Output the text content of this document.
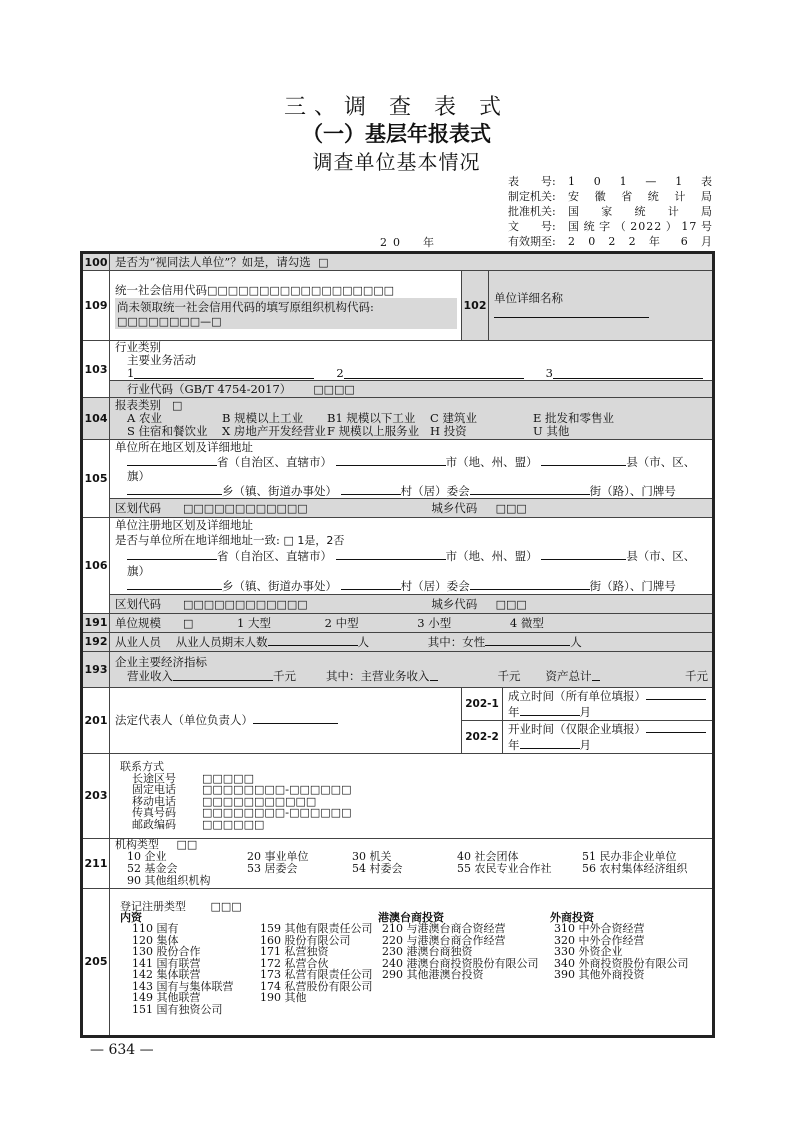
三、调 查 表 式
（一）基层年报表式
调查单位基本情况
表　　号:	1 0 1 — 1 表
制定机关:	安徽省统计局
批准机关:	国家统计局
文　　号:	国统字（2022）17号
有效期至:	2 0 2 2 年 6 月
20　年
100	是否为“视同法人单位”？如是，请勾选 □
109	
统一社会信用代码□□□□□□□□□□□□□□□□□□
尚未领取统一社会信用代码的填写原组织机构代码:
□□□□□□□□—□
	102	单位详细名称
103	
行业类别
主要业务活动
1	2	3

行业代码（GB/T 4754-2017） □□□□
104	
报表类别 □
A 农业	B 规模以上工业	B1 规模以下工业	C 建筑业	E 批发和零售业
S 住宿和餐饮业	X 房地产开发经营业 F 规模以上服务业 H 投资	U 其他

105	
单位所在地区划及详细地址
省（自治区、直辖市）	市（地、州、盟）	县（市、区、
旗）
乡（镇、街道办事处）	村（居）委会	街（路）、门牌号

区划代码 □□□□□□□□□□□□	城乡代码 □□□
106	
单位注册地区划及详细地址
是否与单位所在地详细地址一致: □ 1是，2否
省（自治区、直辖市）	市（地、州、盟）	县（市、区、
旗）
乡（镇、街道办事处）	村（居）委会	街（路）、门牌号

区划代码 □□□□□□□□□□□□	城乡代码 □□□
191	单位规模 □	1 大型	2 中型	3 小型	4 微型
192	从业人员 从业人员期末人数	人	其中：女性	人
193	企业主要经济指标
营业收入	千元	其中：主营业务收入	千元 资产总计	千元

201	法定代表人（单位负责人）	
202-1	成立时间（所有单位填报）年	月
202-2	开业时间（仅限企业填报）年	月

203	
联系方式
长途区号	□□□□□
固定电话	□□□□□□□□-□□□□□□
移动电话	□□□□□□□□□□□
传真号码	□□□□□□□□-□□□□□□
邮政编码	□□□□□□

211	
机构类型 □□
10 企业	20 事业单位	30 机关	40 社会团体	51 民办非企业单位
52 基金会	53 居委会	54 村委会	55 农民专业合作社	56 农村集体经济组织
90 其他组织机构

205	
登记注册类型 □□□
内资
110 国有
120 集体
130 股份合作
141 国有联营
142 集体联营
143 国有与集体联营
149 其他联营
151 国有独资公司
159 其他有限责任公司
160 股份有限公司
171 私营独资
172 私营合伙
173 私营有限责任公司
174 私营股份有限公司
190 其他
港澳台商投资
210 与港澳台商合资经营
220 与港澳台商合作经营
230 港澳台商独资
240 港澳台商投资股份有限公司
290 其他港澳台投资
外商投资
310 中外合资经营
320 中外合作经营
330 外资企业
340 外商投资股份有限公司
390 其他外商投资
— 634 —
